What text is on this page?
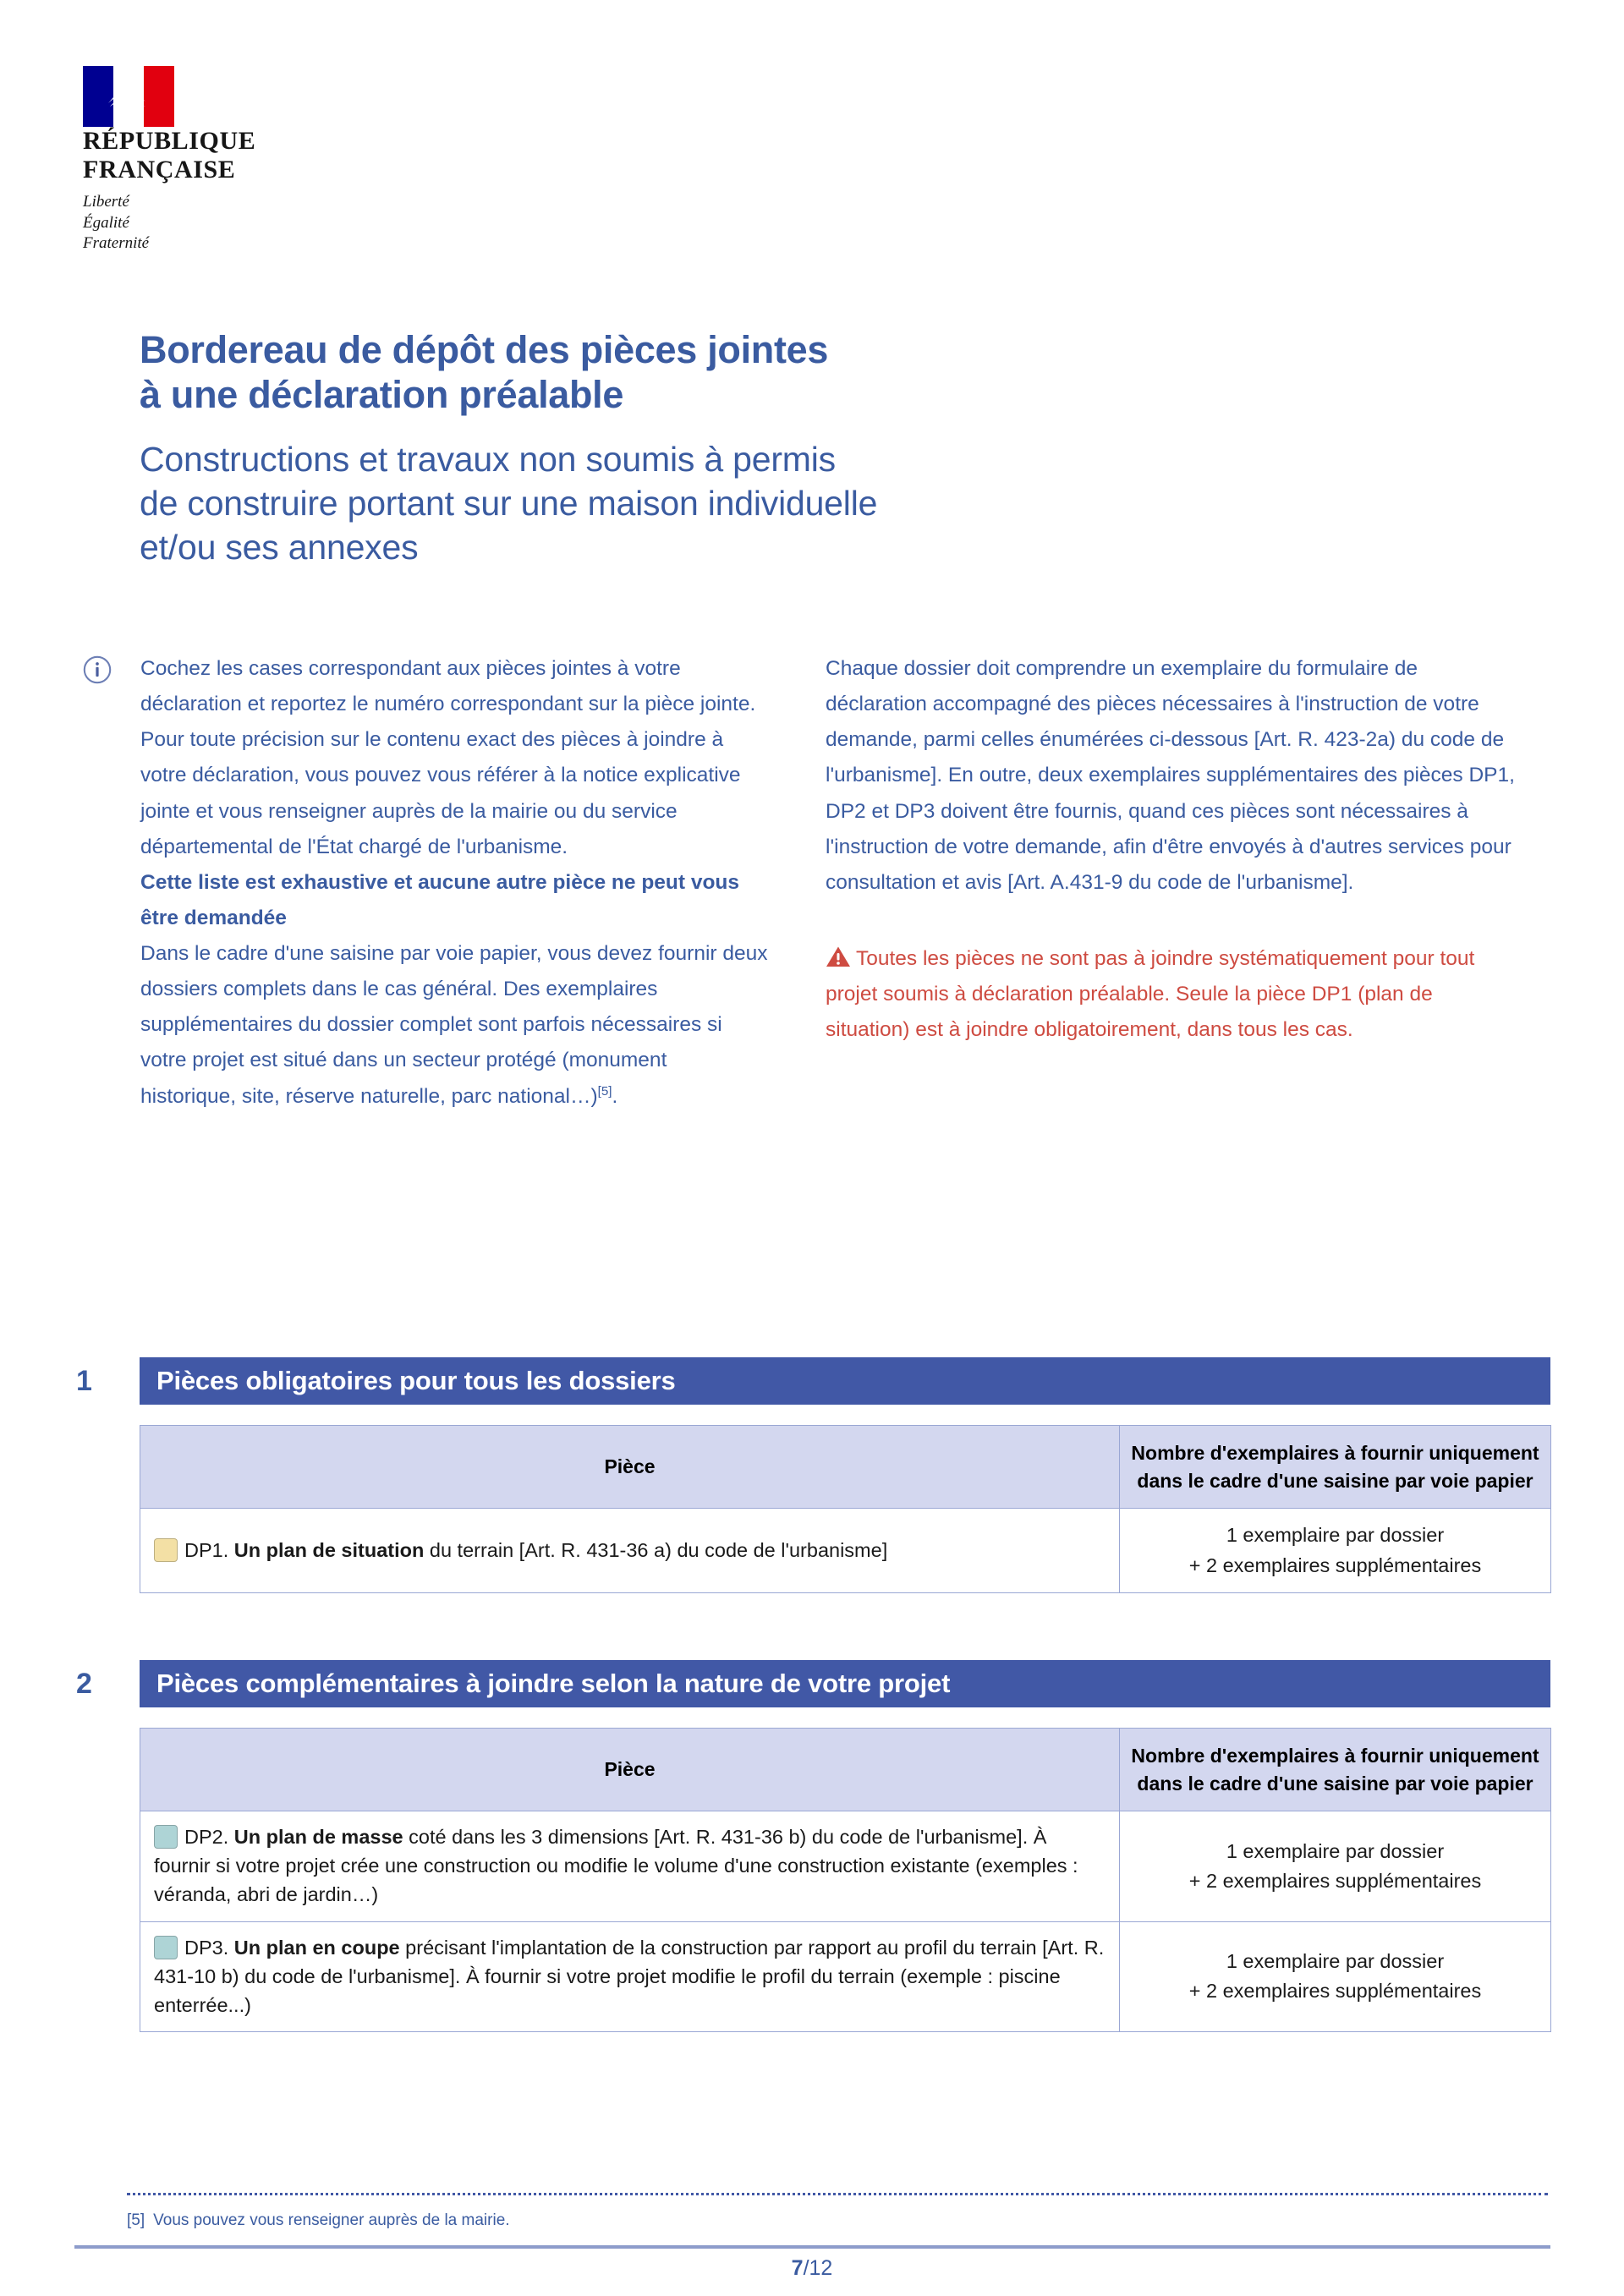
RÉPUBLIQUE
FRANÇAISE
Liberté
Égalité
Fraternité
Bordereau de dépôt des pièces jointes
à une déclaration préalable
Constructions et travaux non soumis à permis
de construire portant sur une maison individuelle
et/ou ses annexes

Cochez les cases correspondant aux pièces jointes à votre déclaration et reportez le numéro correspondant sur la pièce jointe.

Pour toute précision sur le contenu exact des pièces à joindre à votre déclaration, vous pouvez vous référer à la notice explicative jointe et vous renseigner auprès de la mairie ou du service départemental de l'État chargé de l'urbanisme.

Cette liste est exhaustive et aucune autre pièce ne peut vous être demandée

Dans le cadre d'une saisine par voie papier, vous devez fournir deux dossiers complets dans le cas général. Des exemplaires supplémentaires du dossier complet sont parfois nécessaires si votre projet est situé dans un secteur protégé (monument historique, site, réserve naturelle, parc national…)[5].

Chaque dossier doit comprendre un exemplaire du formulaire de déclaration accompagné des pièces nécessaires à l'instruction de votre demande, parmi celles énumérées ci-dessous [Art. R. 423-2a) du code de l'urbanisme]. En outre, deux exemplaires supplémentaires des pièces DP1, DP2 et DP3 doivent être fournis, quand ces pièces sont nécessaires à l'instruction de votre demande, afin d'être envoyés à d'autres services pour consultation et avis [Art. A.431-9 du code de l'urbanisme].

Toutes les pièces ne sont pas à joindre systématiquement pour tout projet soumis à déclaration préalable. Seule la pièce DP1 (plan de situation) est à joindre obligatoirement, dans tous les cas.
1	Pièces obligatoires pour tous les dossiers
Pièce	Nombre d'exemplaires à fournir uniquement dans le cadre d'une saisine par voie papier
DP1. Un plan de situation du terrain [Art. R. 431-36 a) du code de l'urbanisme]	1 exemplaire par dossier
+ 2 exemplaires supplémentaires
2	Pièces complémentaires à joindre selon la nature de votre projet
Pièce	Nombre d'exemplaires à fournir uniquement dans le cadre d'une saisine par voie papier
DP2. Un plan de masse coté dans les 3 dimensions [Art. R. 431-36 b) du code de l'urbanisme]. À fournir si votre projet crée une construction ou modifie le volume d'une construction existante (exemples : véranda, abri de jardin…)	1 exemplaire par dossier
+ 2 exemplaires supplémentaires

DP3. Un plan en coupe précisant l'implantation de la construction par rapport au profil du terrain [Art. R. 431-10 b) du code de l'urbanisme]. À fournir si votre projet modifie le profil du terrain (exemple : piscine enterrée...)	1 exemplaire par dossier
+ 2 exemplaires supplémentaires
[5] Vous pouvez vous renseigner auprès de la mairie.
7/12
